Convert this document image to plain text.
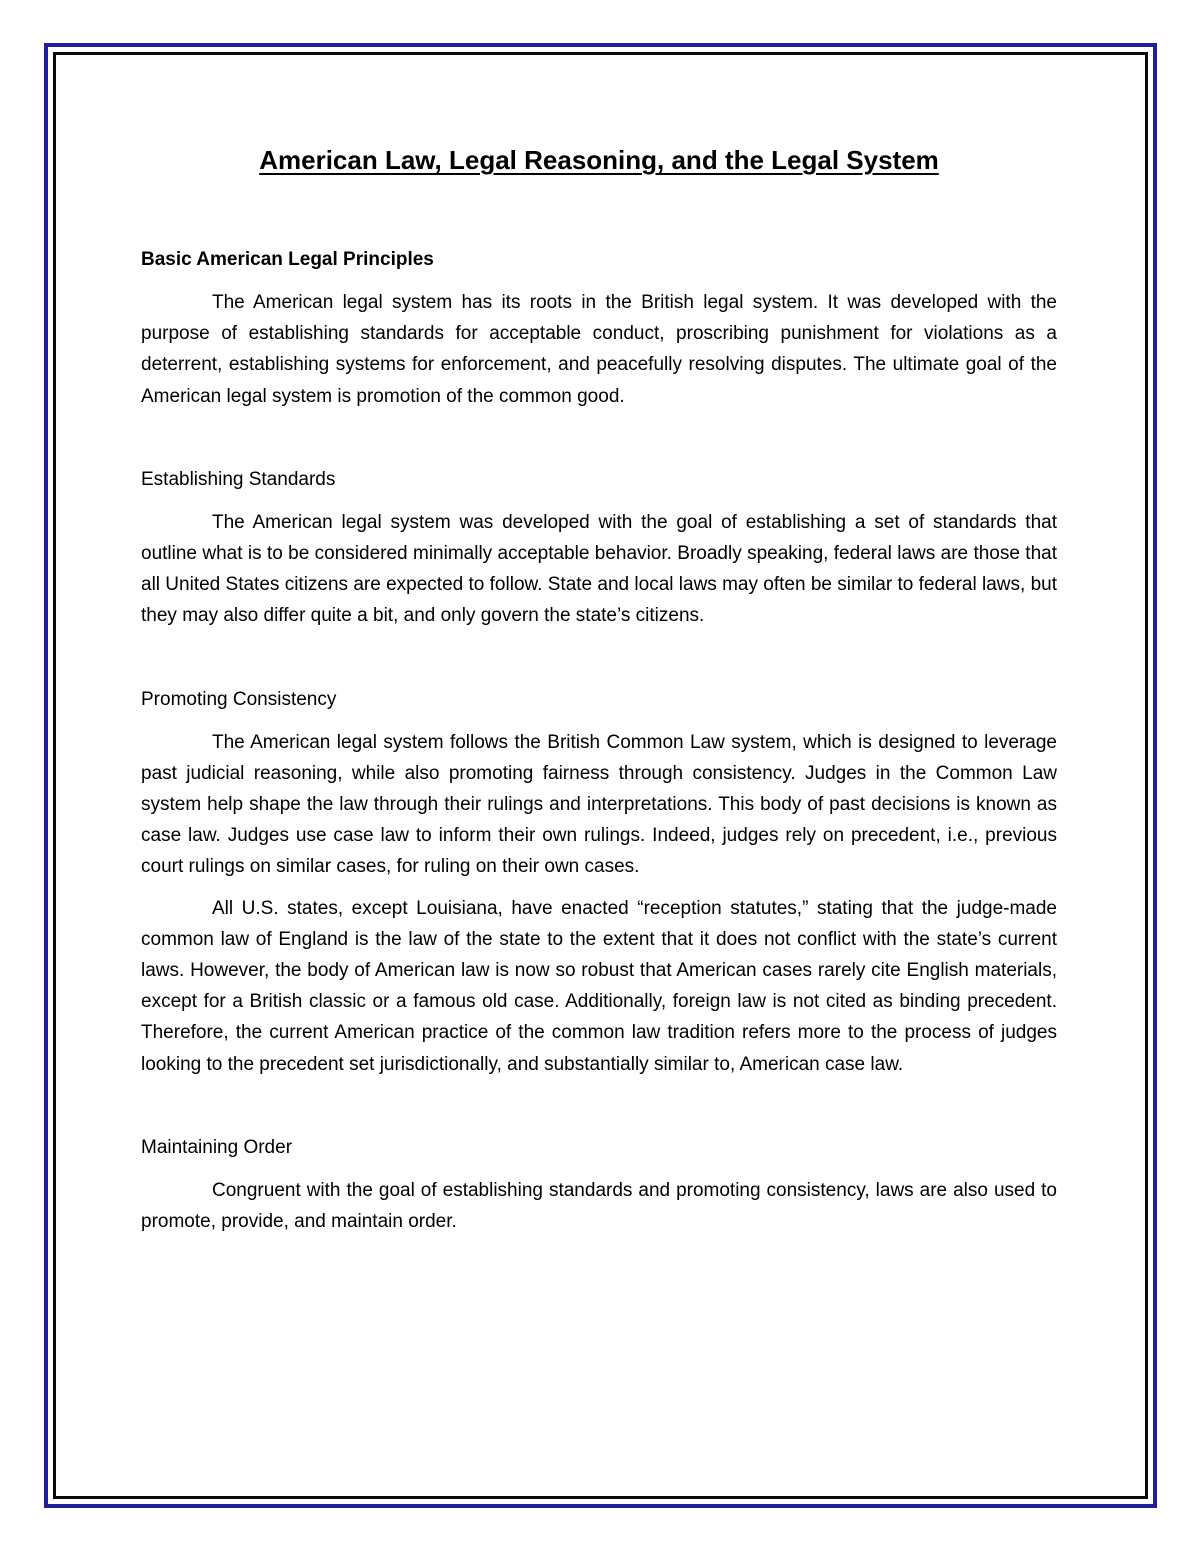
American Law, Legal Reasoning, and the Legal System
Basic American Legal Principles

The American legal system has its roots in the British legal system. It was developed with the purpose of establishing standards for acceptable conduct, proscribing punishment for violations as a deterrent, establishing systems for enforcement, and peacefully resolving disputes. The ultimate goal of the American legal system is promotion of the common good.

Establishing Standards

The American legal system was developed with the goal of establishing a set of standards that outline what is to be considered minimally acceptable behavior. Broadly speaking, federal laws are those that all United States citizens are expected to follow. State and local laws may often be similar to federal laws, but they may also differ quite a bit, and only govern the state’s citizens.

Promoting Consistency

The American legal system follows the British Common Law system, which is designed to leverage past judicial reasoning, while also promoting fairness through consistency. Judges in the Common Law system help shape the law through their rulings and interpretations. This body of past decisions is known as case law. Judges use case law to inform their own rulings. Indeed, judges rely on precedent, i.e., previous court rulings on similar cases, for ruling on their own cases.

All U.S. states, except Louisiana, have enacted “reception statutes,” stating that the judge-made common law of England is the law of the state to the extent that it does not conflict with the state’s current laws. However, the body of American law is now so robust that American cases rarely cite English materials, except for a British classic or a famous old case. Additionally, foreign law is not cited as binding precedent. Therefore, the current American practice of the common law tradition refers more to the process of judges looking to the precedent set jurisdictionally, and substantially similar to, American case law.

Maintaining Order

Congruent with the goal of establishing standards and promoting consistency, laws are also used to promote, provide, and maintain order.
